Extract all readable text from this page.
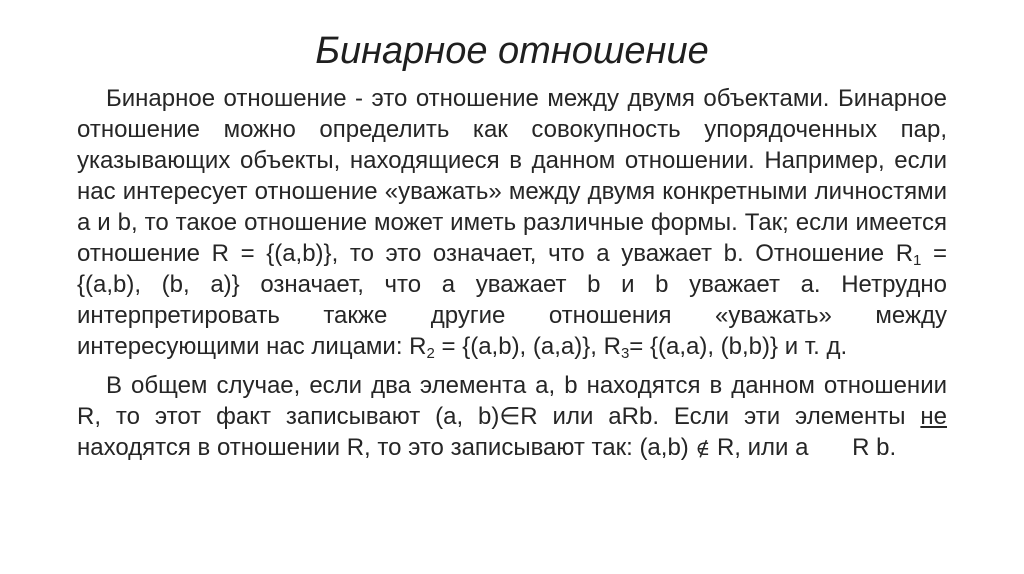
Бинарное отношение

Бинарное отношение - это отношение между двумя объектами. Бинарное отношение можно определить как совокупность упорядоченных пар, указывающих объекты, находящиеся в данном отношении. Например, если нас интересует отношение «уважать» между двумя конкретными личностями a и b, то такое отношение может иметь различные формы. Так; если имеется отношение R = {(a,b)}, то это означает, что a уважает b. Отношение $R_1 = \{(a,b)$, (b, a)} означает, что a уважает b и b уважает a. Нетрудно интерпретировать также другие отношения «уважать» между интересующими нас лицами: $R_2 = \{(a,b)$, (a,a)}, $R_3= \{(a,a)$, (b,b)} и т. д.

В общем случае, если два элемента a, b находятся в данном отношении R, то этот факт записывают (a, b)∈R или aRb. Если эти элементы не находятся в отношении R, то это записывают так: (a,b) ∉ R, или a R b.
